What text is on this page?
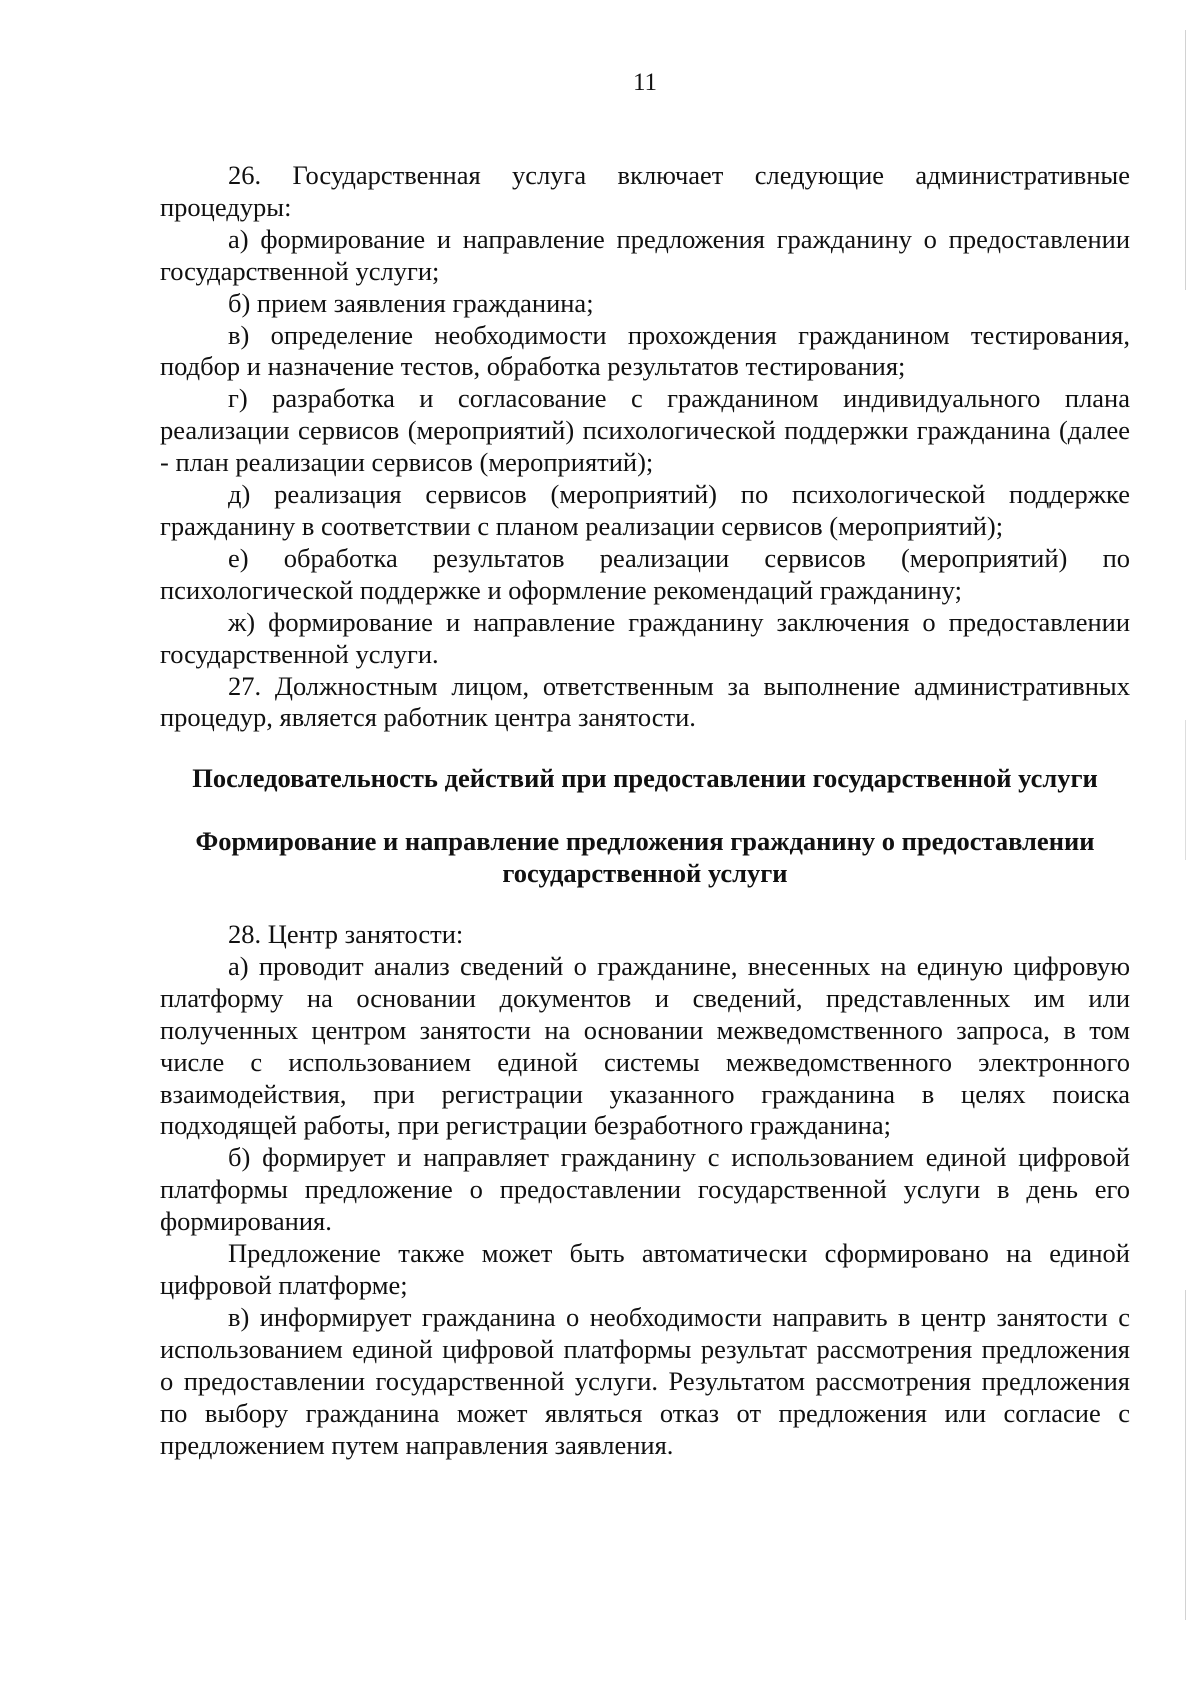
11

26. Государственная услуга включает следующие административные процедуры:

а) формирование и направление предложения гражданину о предоставлении государственной услуги;

б) прием заявления гражданина;

в) определение необходимости прохождения гражданином тестирования, подбор и назначение тестов, обработка результатов тестирования;

г) разработка и согласование с гражданином индивидуального плана реализации сервисов (мероприятий) психологической поддержки гражданина (далее - план реализации сервисов (мероприятий);

д) реализация сервисов (мероприятий) по психологической поддержке гражданину в соответствии с планом реализации сервисов (мероприятий);

е) обработка результатов реализации сервисов (мероприятий) по психологической поддержке и оформление рекомендаций гражданину;

ж) формирование и направление гражданину заключения о предоставлении государственной услуги.

27. Должностным лицом, ответственным за выполнение административных процедур, является работник центра занятости.

Последовательность действий при предоставлении государственной услуги

Формирование и направление предложения гражданину о предоставлении государственной услуги

28. Центр занятости:

а) проводит анализ сведений о гражданине, внесенных на единую цифровую платформу на основании документов и сведений, представленных им или полученных центром занятости на основании межведомственного запроса, в том числе с использованием единой системы межведомственного электронного взаимодействия, при регистрации указанного гражданина в целях поиска подходящей работы, при регистрации безработного гражданина;

б) формирует и направляет гражданину с использованием единой цифровой платформы предложение о предоставлении государственной услуги в день его формирования.

Предложение также может быть автоматически сформировано на единой цифровой платформе;

в) информирует гражданина о необходимости направить в центр занятости с использованием единой цифровой платформы результат рассмотрения предложения о предоставлении государственной услуги. Результатом рассмотрения предложения по выбору гражданина может являться отказ от предложения или согласие с предложением путем направления заявления.
